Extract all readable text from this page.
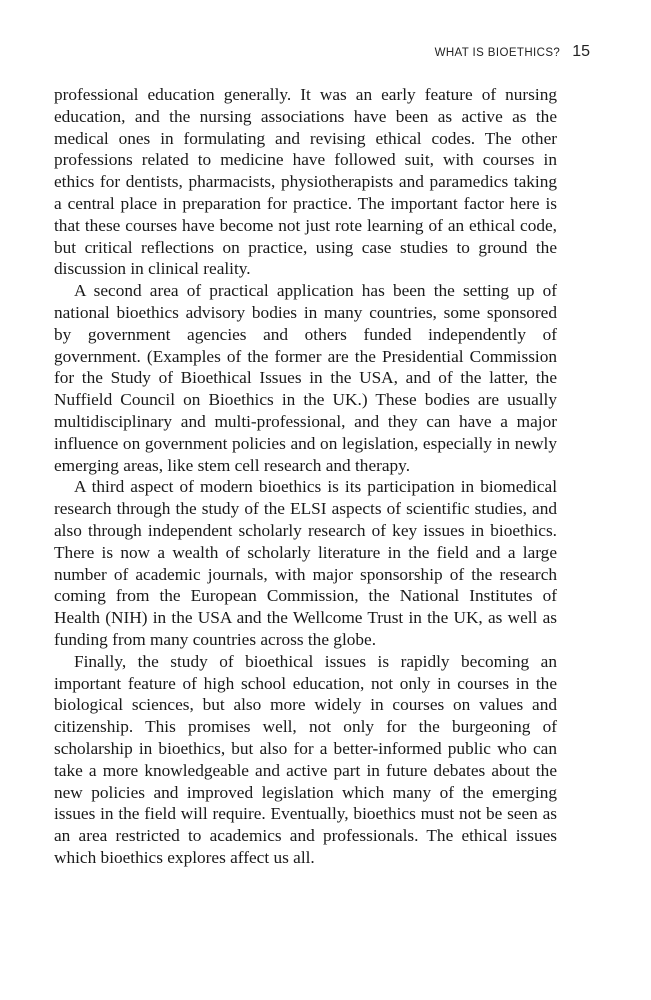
WHAT IS BIOETHICS? 15

professional education generally. It was an early feature of nursing education, and the nursing associations have been as active as the medical ones in formulating and revising ethical codes. The other professions related to medicine have followed suit, with courses in ethics for dentists, pharmacists, physiotherapists and paramedics taking a central place in preparation for practice. The important factor here is that these courses have become not just rote learning of an ethical code, but critical reflections on practice, using case studies to ground the discussion in clinical reality.

A second area of practical application has been the setting up of national bioethics advisory bodies in many countries, some sponsored by government agencies and others funded independently of government. (Examples of the former are the Presidential Commission for the Study of Bioethical Issues in the USA, and of the latter, the Nuffield Council on Bioethics in the UK.) These bodies are usually multidisciplinary and multi-professional, and they can have a major influence on government policies and on legislation, especially in newly emerging areas, like stem cell research and therapy.

A third aspect of modern bioethics is its participation in biomedical research through the study of the ELSI aspects of scientific studies, and also through independent scholarly research of key issues in bioethics. There is now a wealth of scholarly literature in the field and a large number of academic journals, with major sponsorship of the research coming from the European Commission, the National Institutes of Health (NIH) in the USA and the Wellcome Trust in the UK, as well as funding from many countries across the globe.

Finally, the study of bioethical issues is rapidly becoming an important feature of high school education, not only in courses in the biological sciences, but also more widely in courses on values and citizenship. This promises well, not only for the burgeoning of scholarship in bioethics, but also for a better-informed public who can take a more knowledgeable and active part in future debates about the new policies and improved legislation which many of the emerging issues in the field will require. Eventually, bioethics must not be seen as an area restricted to academics and professionals. The ethical issues which bioethics explores affect us all.
